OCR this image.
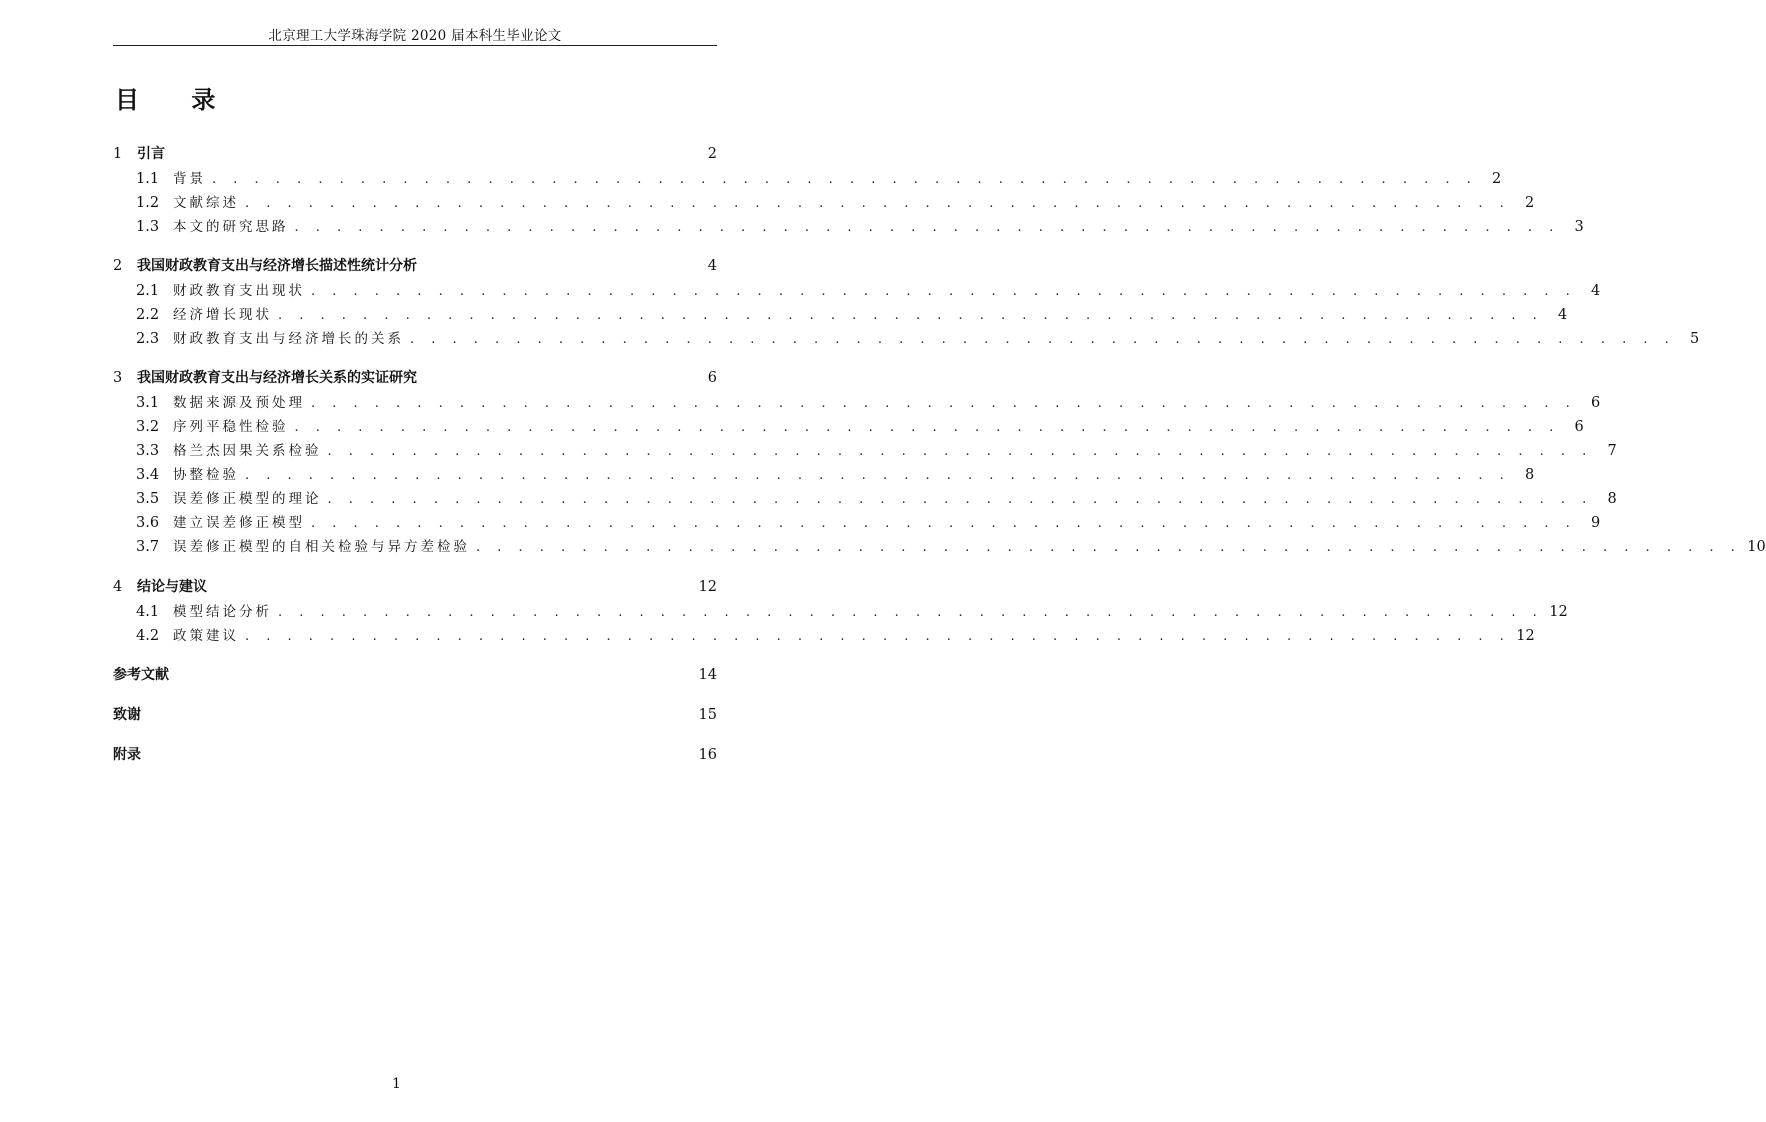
北京理工大学珠海学院 2020 届本科生毕业论文
目 录
1	引言	2
1.1	背景 . . . . . . . . . . . . . . . . . . . . . . . . . . . . . . . . . . . . . . . . . . . . . . . . . . . . . . . . . . . .	2
1.2	文献综述 . . . . . . . . . . . . . . . . . . . . . . . . . . . . . . . . . . . . . . . . . . . . . . . . . . . . . . . . . . . .	2
1.3	本文的研究思路 . . . . . . . . . . . . . . . . . . . . . . . . . . . . . . . . . . . . . . . . . . . . . . . . . . . . . . . . . . . .	3
2	我国财政教育支出与经济增长描述性统计分析	4
2.1	财政教育支出现状 . . . . . . . . . . . . . . . . . . . . . . . . . . . . . . . . . . . . . . . . . . . . . . . . . . . . . . . . . . . .	4
2.2	经济增长现状 . . . . . . . . . . . . . . . . . . . . . . . . . . . . . . . . . . . . . . . . . . . . . . . . . . . . . . . . . . . .	4
2.3	财政教育支出与经济增长的关系 . . . . . . . . . . . . . . . . . . . . . . . . . . . . . . . . . . . . . . . . . . . . . . . . . . . . . . . . . . . .	5
3	我国财政教育支出与经济增长关系的实证研究	6
3.1	数据来源及预处理 . . . . . . . . . . . . . . . . . . . . . . . . . . . . . . . . . . . . . . . . . . . . . . . . . . . . . . . . . . . .	6
3.2	序列平稳性检验 . . . . . . . . . . . . . . . . . . . . . . . . . . . . . . . . . . . . . . . . . . . . . . . . . . . . . . . . . . . .	6
3.3	格兰杰因果关系检验 . . . . . . . . . . . . . . . . . . . . . . . . . . . . . . . . . . . . . . . . . . . . . . . . . . . . . . . . . . . .	7
3.4	协整检验 . . . . . . . . . . . . . . . . . . . . . . . . . . . . . . . . . . . . . . . . . . . . . . . . . . . . . . . . . . . .	8
3.5	误差修正模型的理论 . . . . . . . . . . . . . . . . . . . . . . . . . . . . . . . . . . . . . . . . . . . . . . . . . . . . . . . . . . . .	8
3.6	建立误差修正模型 . . . . . . . . . . . . . . . . . . . . . . . . . . . . . . . . . . . . . . . . . . . . . . . . . . . . . . . . . . . .	9
3.7	误差修正模型的自相关检验与异方差检验 . . . . . . . . . . . . . . . . . . . . . . . . . . . . . . . . . . . . . . . . . . . . . . . . . . . . . . . . . . . . 10
4	结论与建议	12
4.1	模型结论分析 . . . . . . . . . . . . . . . . . . . . . . . . . . . . . . . . . . . . . . . . . . . . . . . . . . . . . . . . . . . . 12
4.2	政策建议 . . . . . . . . . . . . . . . . . . . . . . . . . . . . . . . . . . . . . . . . . . . . . . . . . . . . . . . . . . . . 12
参考文献	14
致谢	15
附录	16
1
